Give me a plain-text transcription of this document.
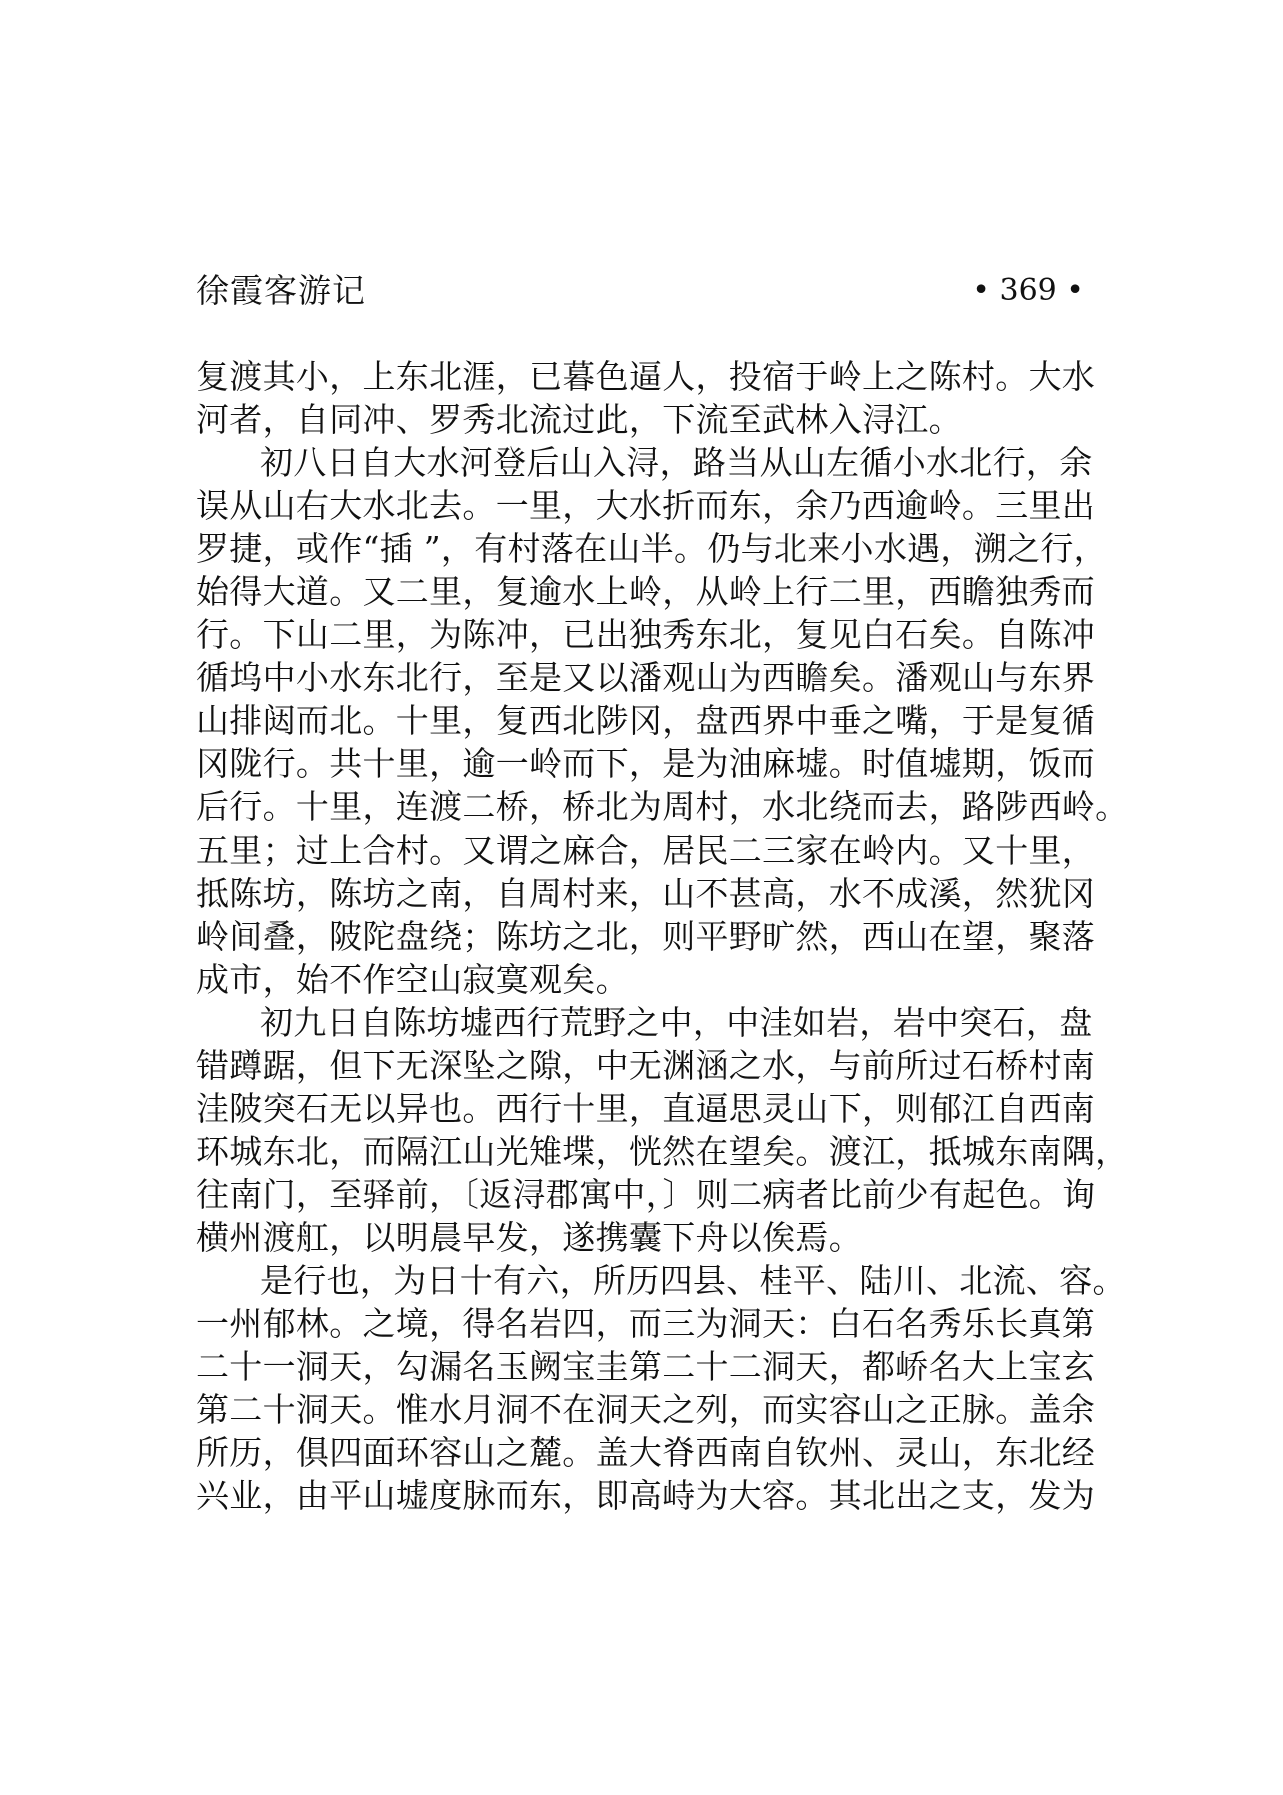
徐霞客游记	• 369 •
复渡其小，上东北涯，已暮色逼人，投宿于岭上之陈村。大水
河者，自同冲、罗秀北流过此，下流至武林入浔江。
初八日自大水河登后山入浔，路当从山左循小水北行，余
误从山右大水北去。一里，大水折而东，余乃西逾岭。三里出
罗捷，或作“插 ”，有村落在山半。仍与北来小水遇，溯之行，
始得大道。又二里，复逾水上岭，从岭上行二里，西瞻独秀而
行。下山二里，为陈冲，已出独秀东北，复见白石矣。自陈冲
循坞中小水东北行，至是又以潘观山为西瞻矣。潘观山与东界
山排闼而北。十里，复西北陟冈，盘西界中垂之嘴，于是复循
冈陇行。共十里，逾一岭而下，是为油麻墟。时值墟期，饭而
后行。十里，连渡二桥，桥北为周村，水北绕而去，路陟西岭。
五里；过上合村。又谓之麻合，居民二三家在岭内。又十里，
抵陈坊，陈坊之南，自周村来，山不甚高，水不成溪，然犹冈
岭间叠，陂陀盘绕；陈坊之北，则平野旷然，西山在望，聚落
成市，始不作空山寂寞观矣。
初九日自陈坊墟西行荒野之中，中洼如岩，岩中突石，盘
错蹲踞，但下无深坠之隙，中无渊涵之水，与前所过石桥村南
洼陂突石无以异也。西行十里，直逼思灵山下，则郁江自西南
环城东北，而隔江山光雉堞，恍然在望矣。渡江，抵城东南隅，
往南门，至驿前，〔返浔郡寓中，〕则二病者比前少有起色。询
横州渡舡，以明晨早发，遂携囊下舟以俟焉。
是行也，为日十有六，所历四县、桂平、陆川、北流、容。
一州郁林。之境，得名岩四，而三为洞天：白石名秀乐长真第
二十一洞天，勾漏名玉阙宝圭第二十二洞天，都峤名大上宝玄
第二十洞天。惟水月洞不在洞天之列，而实容山之正脉。盖余
所历，俱四面环容山之麓。盖大脊西南自钦州、灵山，东北经
兴业，由平山墟度脉而东，即高峙为大容。其北出之支，发为
